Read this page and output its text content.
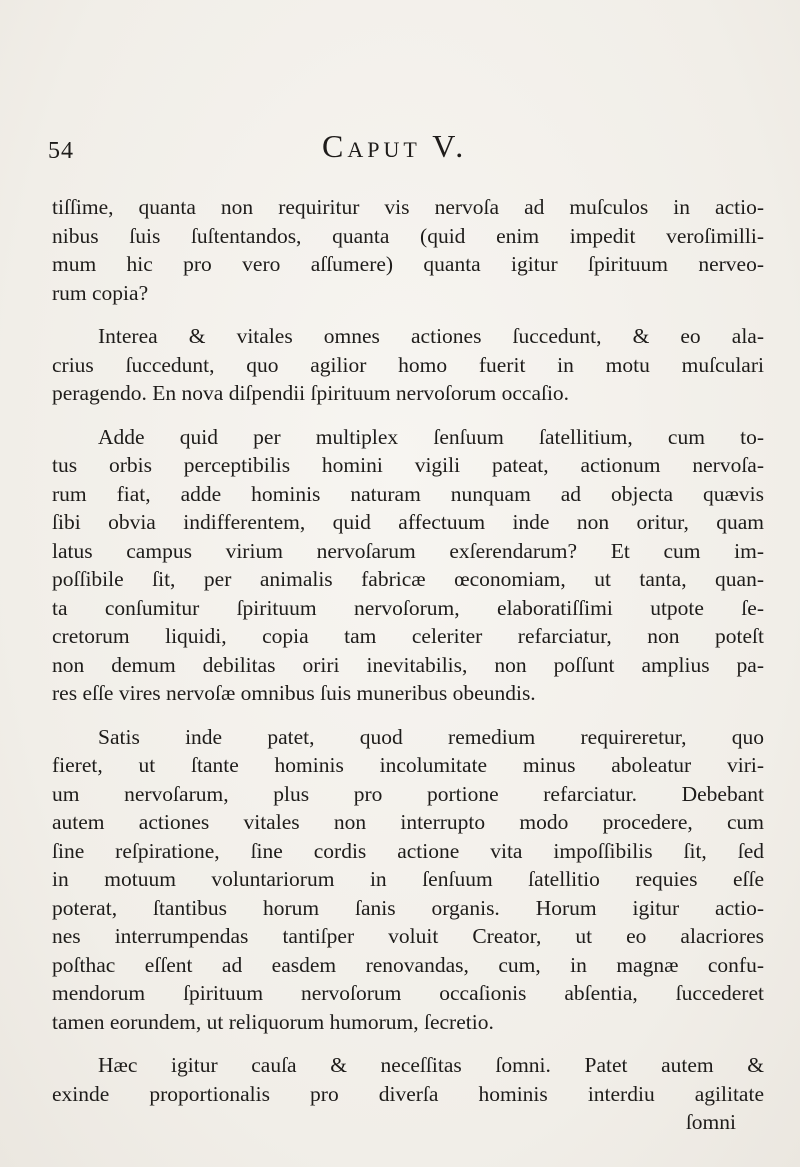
54	Caput V.
tiſſime, quanta non requiritur vis nervoſa ad muſculos in actio-
nibus ſuis ſuſtentandos, quanta (quid enim impedit veroſimilli-
mum hic pro vero aſſumere) quanta igitur ſpirituum nerveo-
rum copia?
Interea & vitales omnes actiones ſuccedunt, & eo ala-
crius ſuccedunt, quo agilior homo fuerit in motu muſculari
peragendo. En nova diſpendii ſpirituum nervoſorum occaſio.
Adde quid per multiplex ſenſuum ſatellitium, cum to-
tus orbis perceptibilis homini vigili pateat, actionum nervoſa-
rum fiat, adde hominis naturam nunquam ad objecta quævis
ſibi obvia indifferentem, quid affectuum inde non oritur, quam
latus campus virium nervoſarum exſerendarum? Et cum im-
poſſibile ſit, per animalis fabricæ œconomiam, ut tanta, quan-
ta conſumitur ſpirituum nervoſorum, elaboratiſſimi utpote ſe-
cretorum liquidi, copia tam celeriter refarciatur, non poteſt
non demum debilitas oriri inevitabilis, non poſſunt amplius pa-
res eſſe vires nervoſæ omnibus ſuis muneribus obeundis.
Satis inde patet, quod remedium requireretur, quo
fieret, ut ſtante hominis incolumitate minus aboleatur viri-
um nervoſarum, plus pro portione refarciatur. Debebant
autem actiones vitales non interrupto modo procedere, cum
ſine reſpiratione, ſine cordis actione vita impoſſibilis ſit, ſed
in motuum voluntariorum in ſenſuum ſatellitio requies eſſe
poterat, ſtantibus horum ſanis organis. Horum igitur actio-
nes interrumpendas tantiſper voluit Creator, ut eo alacriores
poſthac eſſent ad easdem renovandas, cum, in magnæ confu-
mendorum ſpirituum nervoſorum occaſionis abſentia, ſuccederet
tamen eorundem, ut reliquorum humorum, ſecretio.
Hæc igitur cauſa & neceſſitas ſomni. Patet autem &
exinde proportionalis pro diverſa hominis interdiu agilitate
ſomni
